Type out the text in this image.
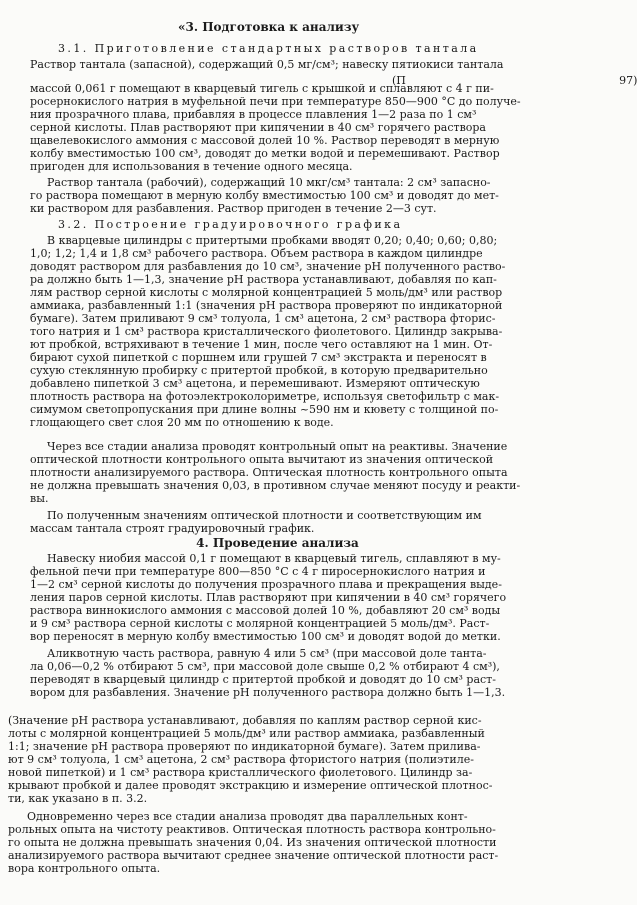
«3. Подготовка к анализу
3.1. Приготовление стандартных растворов тантала
Раствор тантала (запасной), содержащий 0,5 мг/см³; навеску пятиокиси тантала
(П                                                             97)
массой 0,061 г помещают в кварцевый тигель с крышкой и сплавляют с 4 г пи-
росернокислого натрия в муфельной печи при температуре 850—900 °С до получе-
ния прозрачного плава, прибавляя в процессе плавления 1—2 раза по 1 см³
серной кислоты. Плав растворяют при кипячении в 40 см³ горячего раствора
щавелевокислого аммония с массовой долей 10 %. Раствор переводят в мерную
колбу вместимостью 100 см³, доводят до метки водой и перемешивают. Раствор
пригоден для использования в течение одного месяца.
Раствор тантала (рабочий), содержащий 10 мкг/см³ тантала: 2 см³ запасно-
го раствора помещают в мерную колбу вместимостью 100 см³ и доводят до мет-
ки раствором для разбавления. Раствор пригоден в течение 2—3 сут.
3.2. Построение градуировочного графика
В кварцевые цилиндры с притертыми пробками вводят 0,20; 0,40; 0,60; 0,80;
1,0; 1,2; 1,4 и 1,8 см³ рабочего раствора. Объем раствора в каждом цилиндре
доводят раствором для разбавления до 10 см³, значение рН полученного раство-
ра должно быть 1—1,3, значение рН раствора устанавливают, добавляя по кап-
лям раствор серной кислоты с молярной концентрацией 5 моль/дм³ или раствор
аммиака, разбавленный 1:1 (значения рН раствора проверяют по индикаторной
бумаге). Затем приливают 9 см³ толуола, 1 см³ ацетона, 2 см³ раствора фторис-
того натрия и 1 см³ раствора кристаллического фиолетового. Цилиндр закрыва-
ют пробкой, встряхивают в течение 1 мин, после чего оставляют на 1 мин. От-
бирают сухой пипеткой с поршнем или грушей 7 см³ экстракта и переносят в
сухую стеклянную пробирку с притертой пробкой, в которую предварительно
добавлено пипеткой 3 см³ ацетона, и перемешивают. Измеряют оптическую
плотность раствора на фотоэлектроколориметре, используя светофильтр с мак-
симумом светопропускания при длине волны ~590 нм и кювету с толщиной по-
глощающего свет слоя 20 мм по отношению к воде.
Через все стадии анализа проводят контрольный опыт на реактивы. Значение
оптической плотности контрольного опыта вычитают из значения оптической
плотности анализируемого раствора. Оптическая плотность контрольного опыта
не должна превышать значения 0,03, в противном случае меняют посуду и реакти-
вы.
По полученным значениям оптической плотности и соответствующим им
массам тантала строят градуировочный график.
4. Проведение анализа
Навеску ниобия массой 0,1 г помещают в кварцевый тигель, сплавляют в му-
фельной печи при температуре 800—850 °С с 4 г пиросернокислого натрия и
1—2 см³ серной кислоты до получения прозрачного плава и прекращения выде-
ления паров серной кислоты. Плав растворяют при кипячении в 40 см³ горячего
раствора виннокислого аммония с массовой долей 10 %, добавляют 20 см³ воды
и 9 см³ раствора серной кислоты с молярной концентрацией 5 моль/дм³. Раст-
вор переносят в мерную колбу вместимостью 100 см³ и доводят водой до метки.
Аликвотную часть раствора, равную 4 или 5 см³ (при массовой доле танта-
ла 0,06—0,2 % отбирают 5 см³, при массовой доле свыше 0,2 % отбирают 4 см³),
переводят в кварцевый цилиндр с притертой пробкой и доводят до 10 см³ раст-
вором для разбавления. Значение рН полученного раствора должно быть 1—1,3.
(Значение рН раствора устанавливают, добавляя по каплям раствор серной кис-
лоты с молярной концентрацией 5 моль/дм³ или раствор аммиака, разбавленный
1:1; значение рН раствора проверяют по индикаторной бумаге). Затем прилива-
ют 9 см³ толуола, 1 см³ ацетона, 2 см³ раствора фтористого натрия (полиэтиле-
новой пипеткой) и 1 см³ раствора кристаллического фиолетового. Цилиндр за-
крывают пробкой и далее проводят экстракцию и измерение оптической плотнос-
ти, как указано в п. 3.2.
Одновременно через все стадии анализа проводят два параллельных конт-
рольных опыта на чистоту реактивов. Оптическая плотность раствора контрольно-
го опыта не должна превышать значения 0,04. Из значения оптической плотности
анализируемого раствора вычитают среднее значение оптической плотности раст-
вора контрольного опыта.
